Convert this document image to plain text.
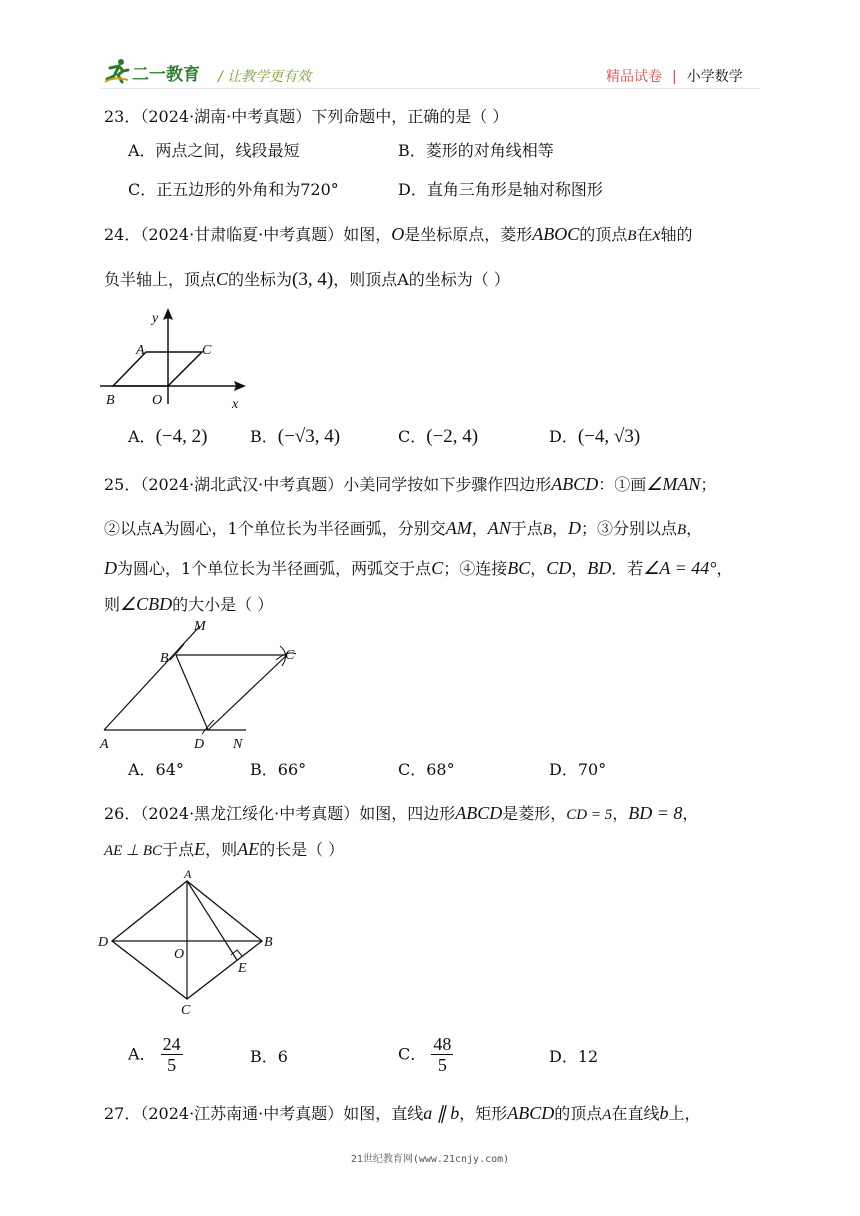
二一教育 / 让教学更有效	精品试卷 | 小学数学
23．（2024·湖南·中考真题）下列命题中，正确的是（ ）
A．两点之间，线段最短	B．菱形的对角线相等
C．正五边形的外角和为720°	D．直角三角形是轴对称图形
24．（2024·甘肃临夏·中考真题）如图，O是坐标原点，菱形ABOC的顶点B在x轴的
负半轴上，顶点C的坐标为(3, 4)，则顶点A的坐标为（ ）
y
A	C
B	O	x
A．(−4, 2)	B．(−√3, 4)	C．(−2, 4)	D．(−4, √3)
25．（2024·湖北武汉·中考真题）小美同学按如下步骤作四边形ABCD：①画∠MAN；
②以点A为圆心，1个单位长为半径画弧，分别交AM，AN于点B，D；③分别以点B，
D为圆心，1个单位长为半径画弧，两弧交于点C；④连接BC，CD，BD．若∠A = 44°，
则∠CBD的大小是（ ）
M
B	C
A	D N
A．64°	B．66°	C．68°	D．70°
26．（2024·黑龙江绥化·中考真题）如图，四边形ABCD是菱形，CD = 5，BD = 8，
AE ⊥ BC于点E，则AE的长是（ ）
A
D
O
B
E
C
A． $\frac{24}{5}$	B．6	C． $\frac{48}{5}$	D．12
27．（2024·江苏南通·中考真题）如图，直线a ∥ b，矩形ABCD的顶点A在直线b上，
21世纪教育网(www.21cnjy.com)
